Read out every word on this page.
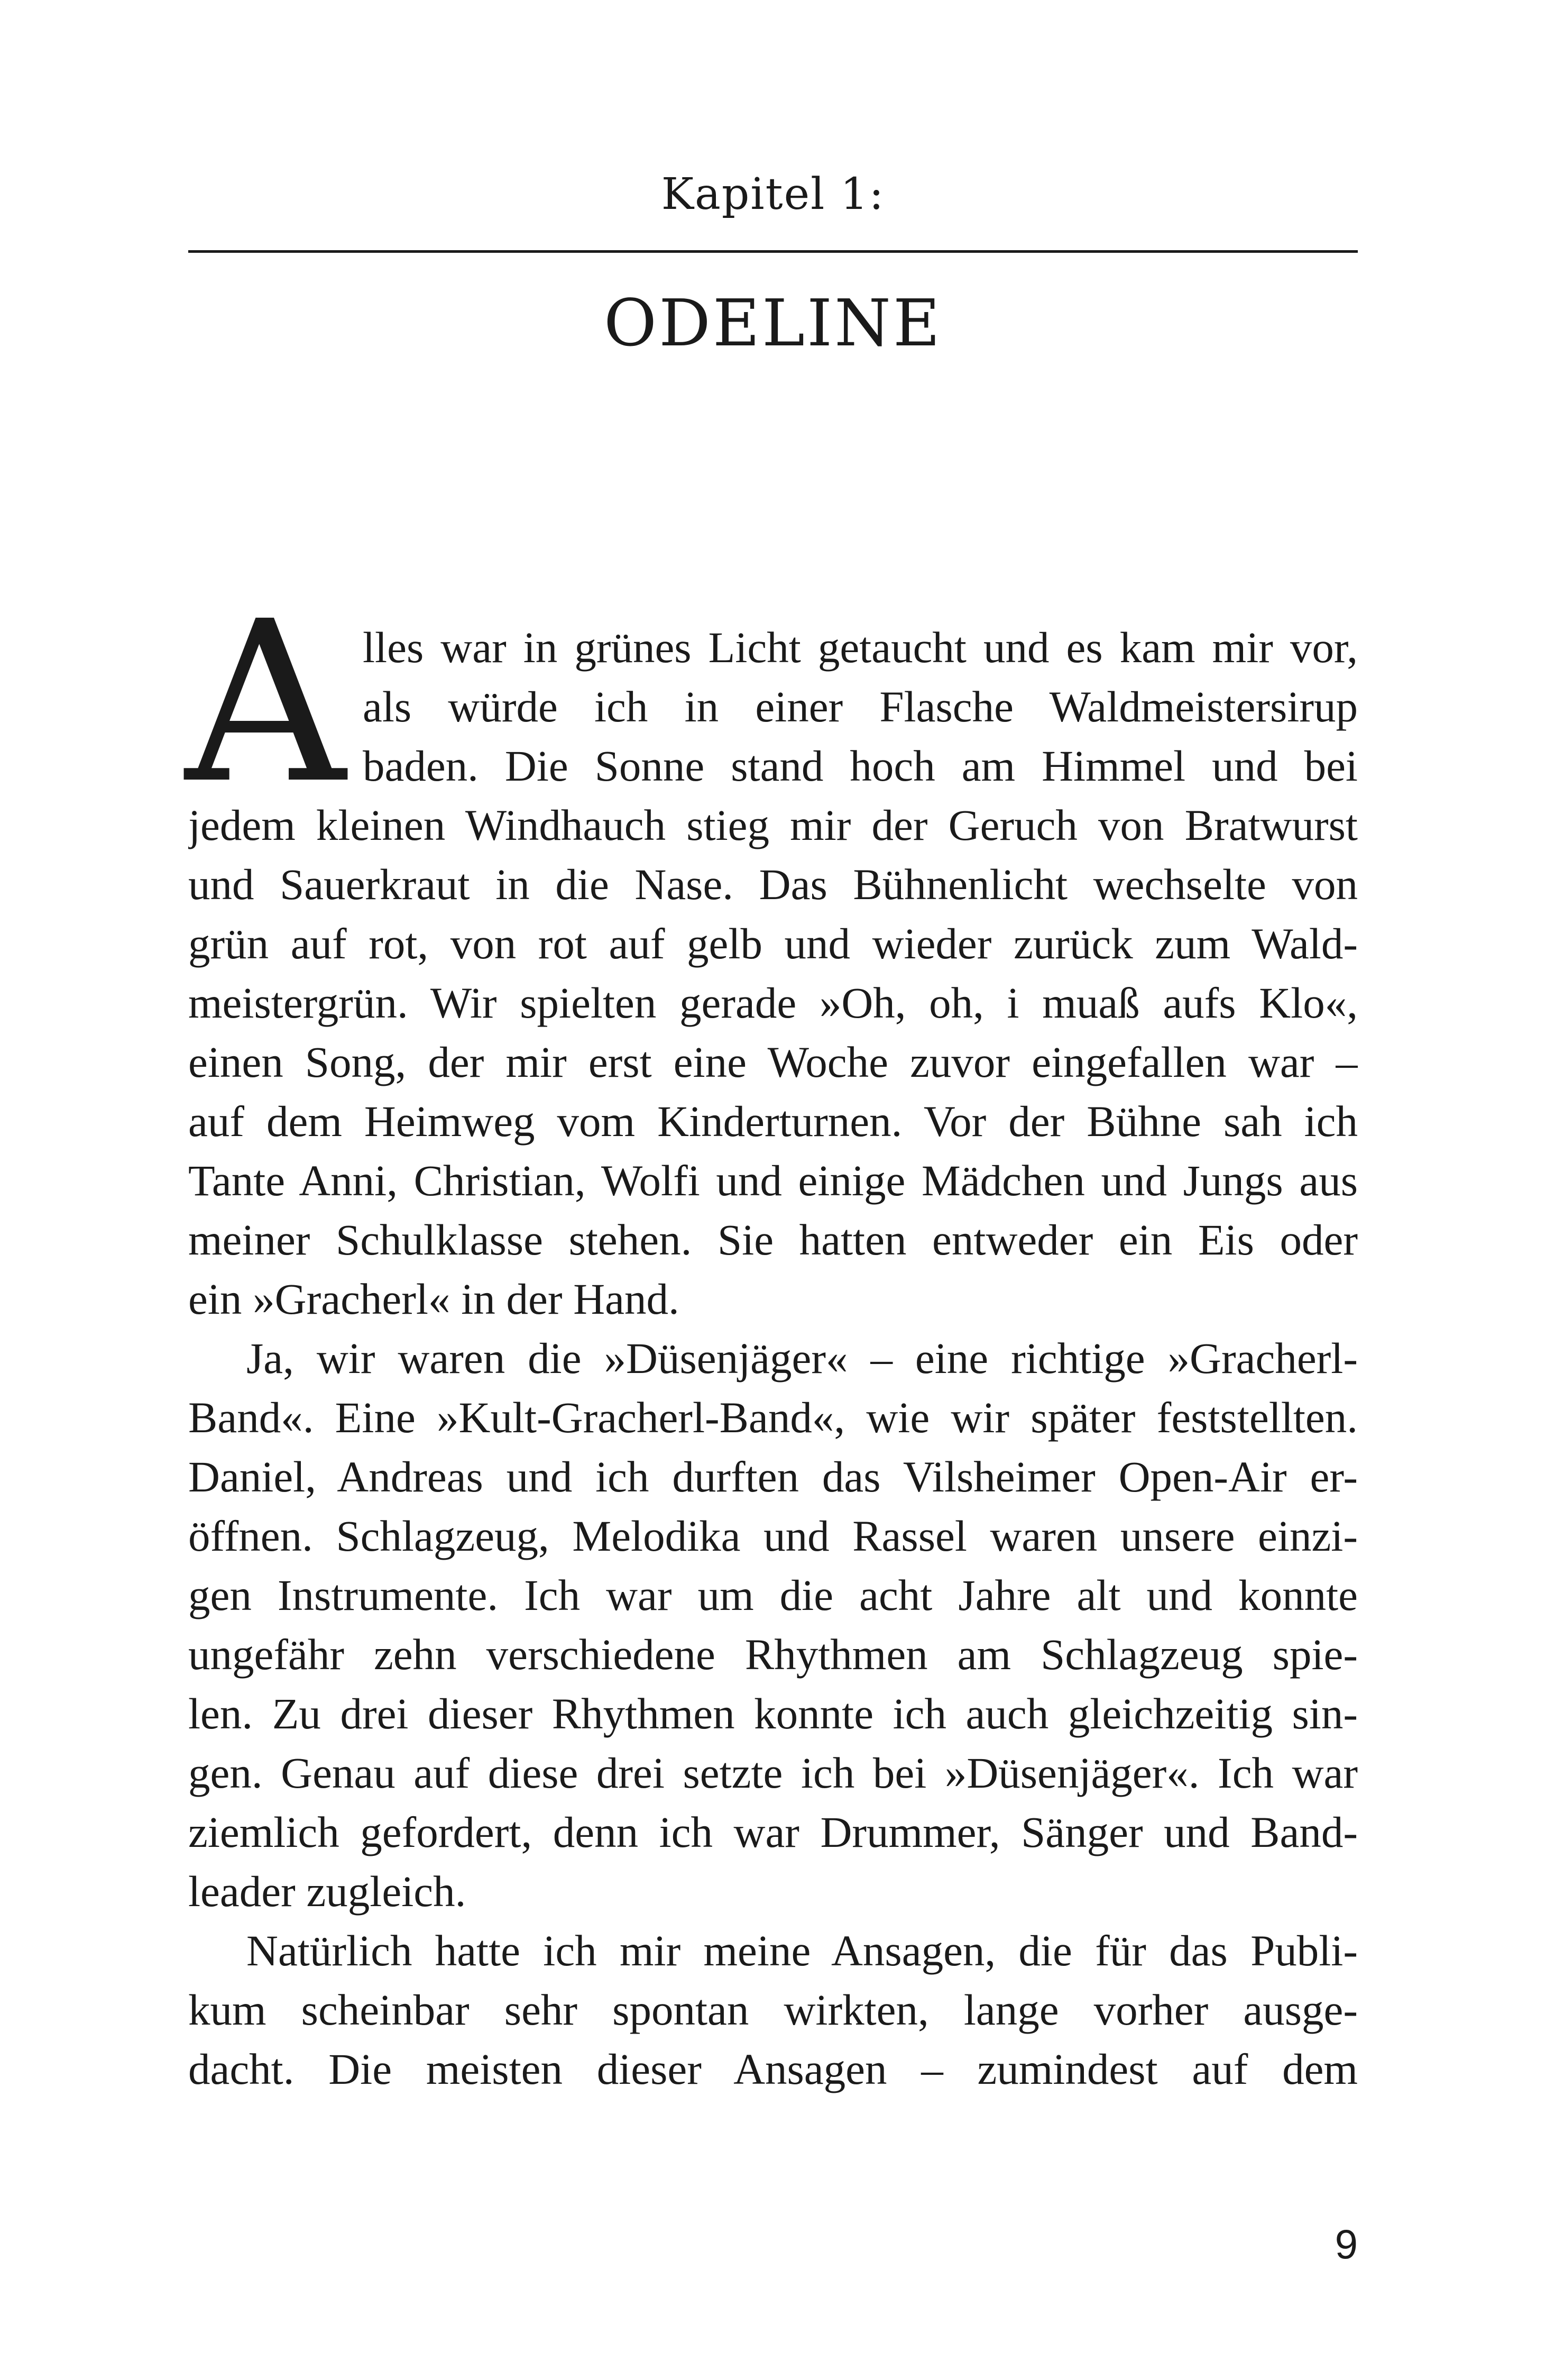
Kapitel 1:
ODELINE
A lles war in grünes Licht getaucht und es kam mir vor,
als würde ich in einer Flasche Waldmeistersirup
baden. Die Sonne stand hoch am Himmel und bei
jedem kleinen Windhauch stieg mir der Geruch von Bratwurst
und Sauerkraut in die Nase. Das Bühnenlicht wechselte von
grün auf rot, von rot auf gelb und wieder zurück zum Wald-
meistergrün. Wir spielten gerade »Oh, oh, i muaß aufs Klo«,
einen Song, der mir erst eine Woche zuvor eingefallen war –
auf dem Heimweg vom Kinderturnen. Vor der Bühne sah ich
Tante Anni, Christian, Wolfi und einige Mädchen und Jungs aus
meiner Schulklasse stehen. Sie hatten entweder ein Eis oder
ein »Gracherl« in der Hand.
Ja, wir waren die »Düsenjäger« – eine richtige »Gracherl-
Band«. Eine »Kult-Gracherl-Band«, wie wir später feststellten.
Daniel, Andreas und ich durften das Vilsheimer Open-Air er-
öffnen. Schlagzeug, Melodika und Rassel waren unsere einzi-
gen Instrumente. Ich war um die acht Jahre alt und konnte
ungefähr zehn verschiedene Rhythmen am Schlagzeug spie-
len. Zu drei dieser Rhythmen konnte ich auch gleichzeitig sin-
gen. Genau auf diese drei setzte ich bei »Düsenjäger«. Ich war
ziemlich gefordert, denn ich war Drummer, Sänger und Band-
leader zugleich.
Natürlich hatte ich mir meine Ansagen, die für das Publi-
kum scheinbar sehr spontan wirkten, lange vorher ausge-
dacht. Die meisten dieser Ansagen – zumindest auf dem
9
